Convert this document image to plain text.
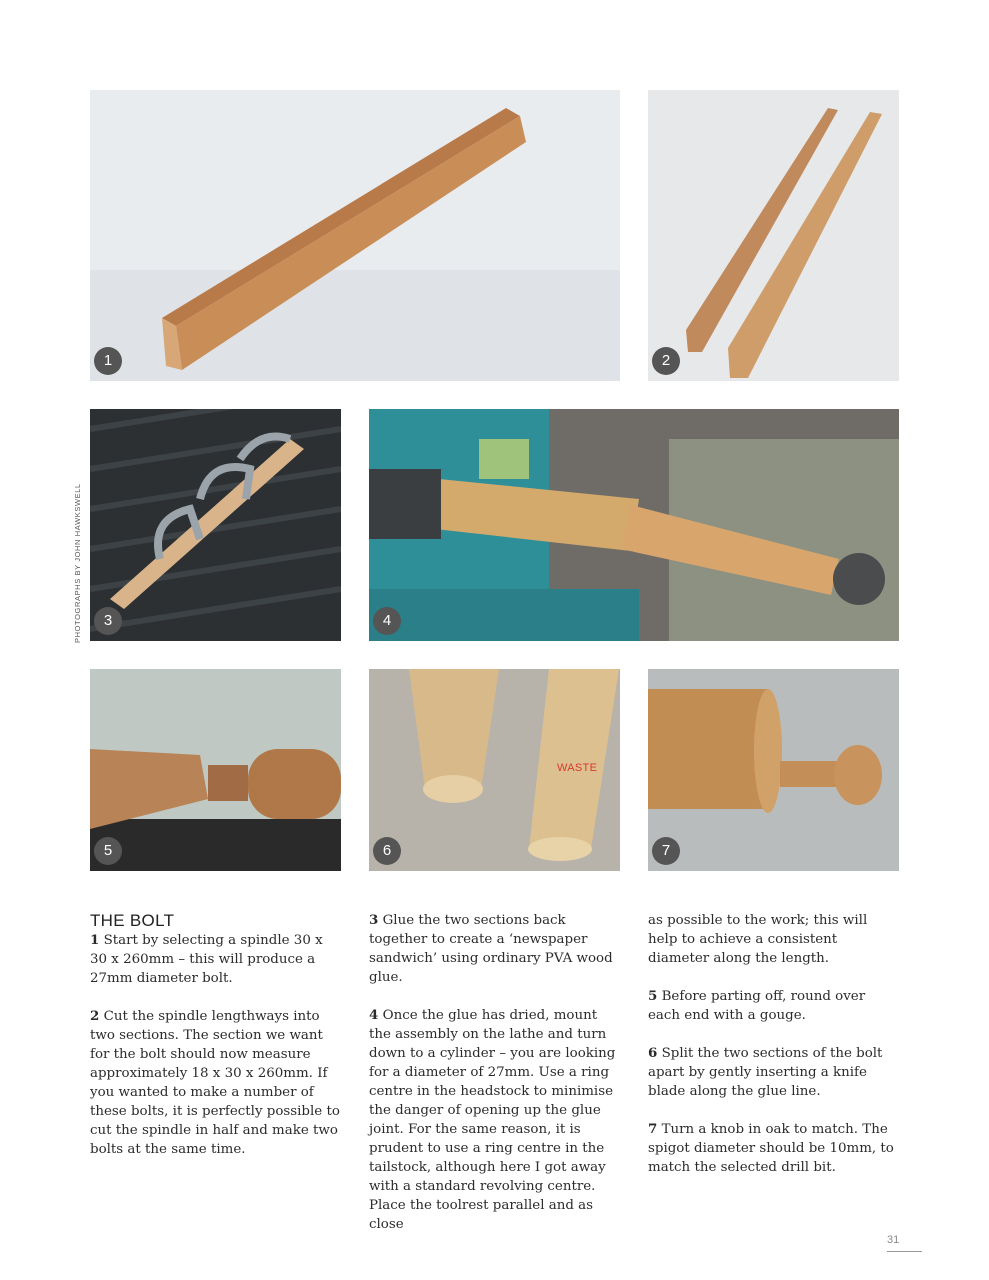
1	2
3	4
5
WASTE
6	7
PHOTOGRAPHS BY JOHN HAWKSWELL
THE BOLT

1 Start by selecting a spindle 30 x 30 x 260mm – this will produce a 27mm diameter bolt.

2 Cut the spindle lengthways into two sections. The section we want for the bolt should now measure approximately 18 x 30 x 260mm. If you wanted to make a number of these bolts, it is perfectly possible to cut the spindle in half and make two bolts at the same time.

3 Glue the two sections back together to create a ‘newspaper sandwich’ using ordinary PVA wood glue.

4 Once the glue has dried, mount the assembly on the lathe and turn down to a cylinder – you are looking for a diameter of 27mm. Use a ring centre in the headstock to minimise the danger of opening up the glue joint. For the same reason, it is prudent to use a ring centre in the tailstock, although here I got away with a standard revolving centre. Place the toolrest parallel and as close

as possible to the work; this will help to achieve a consistent diameter along the length.

5 Before parting off, round over each end with a gouge.

6 Split the two sections of the bolt apart by gently inserting a knife blade along the glue line.

7 Turn a knob in oak to match. The spigot diameter should be 10mm, to match the selected drill bit.

31
